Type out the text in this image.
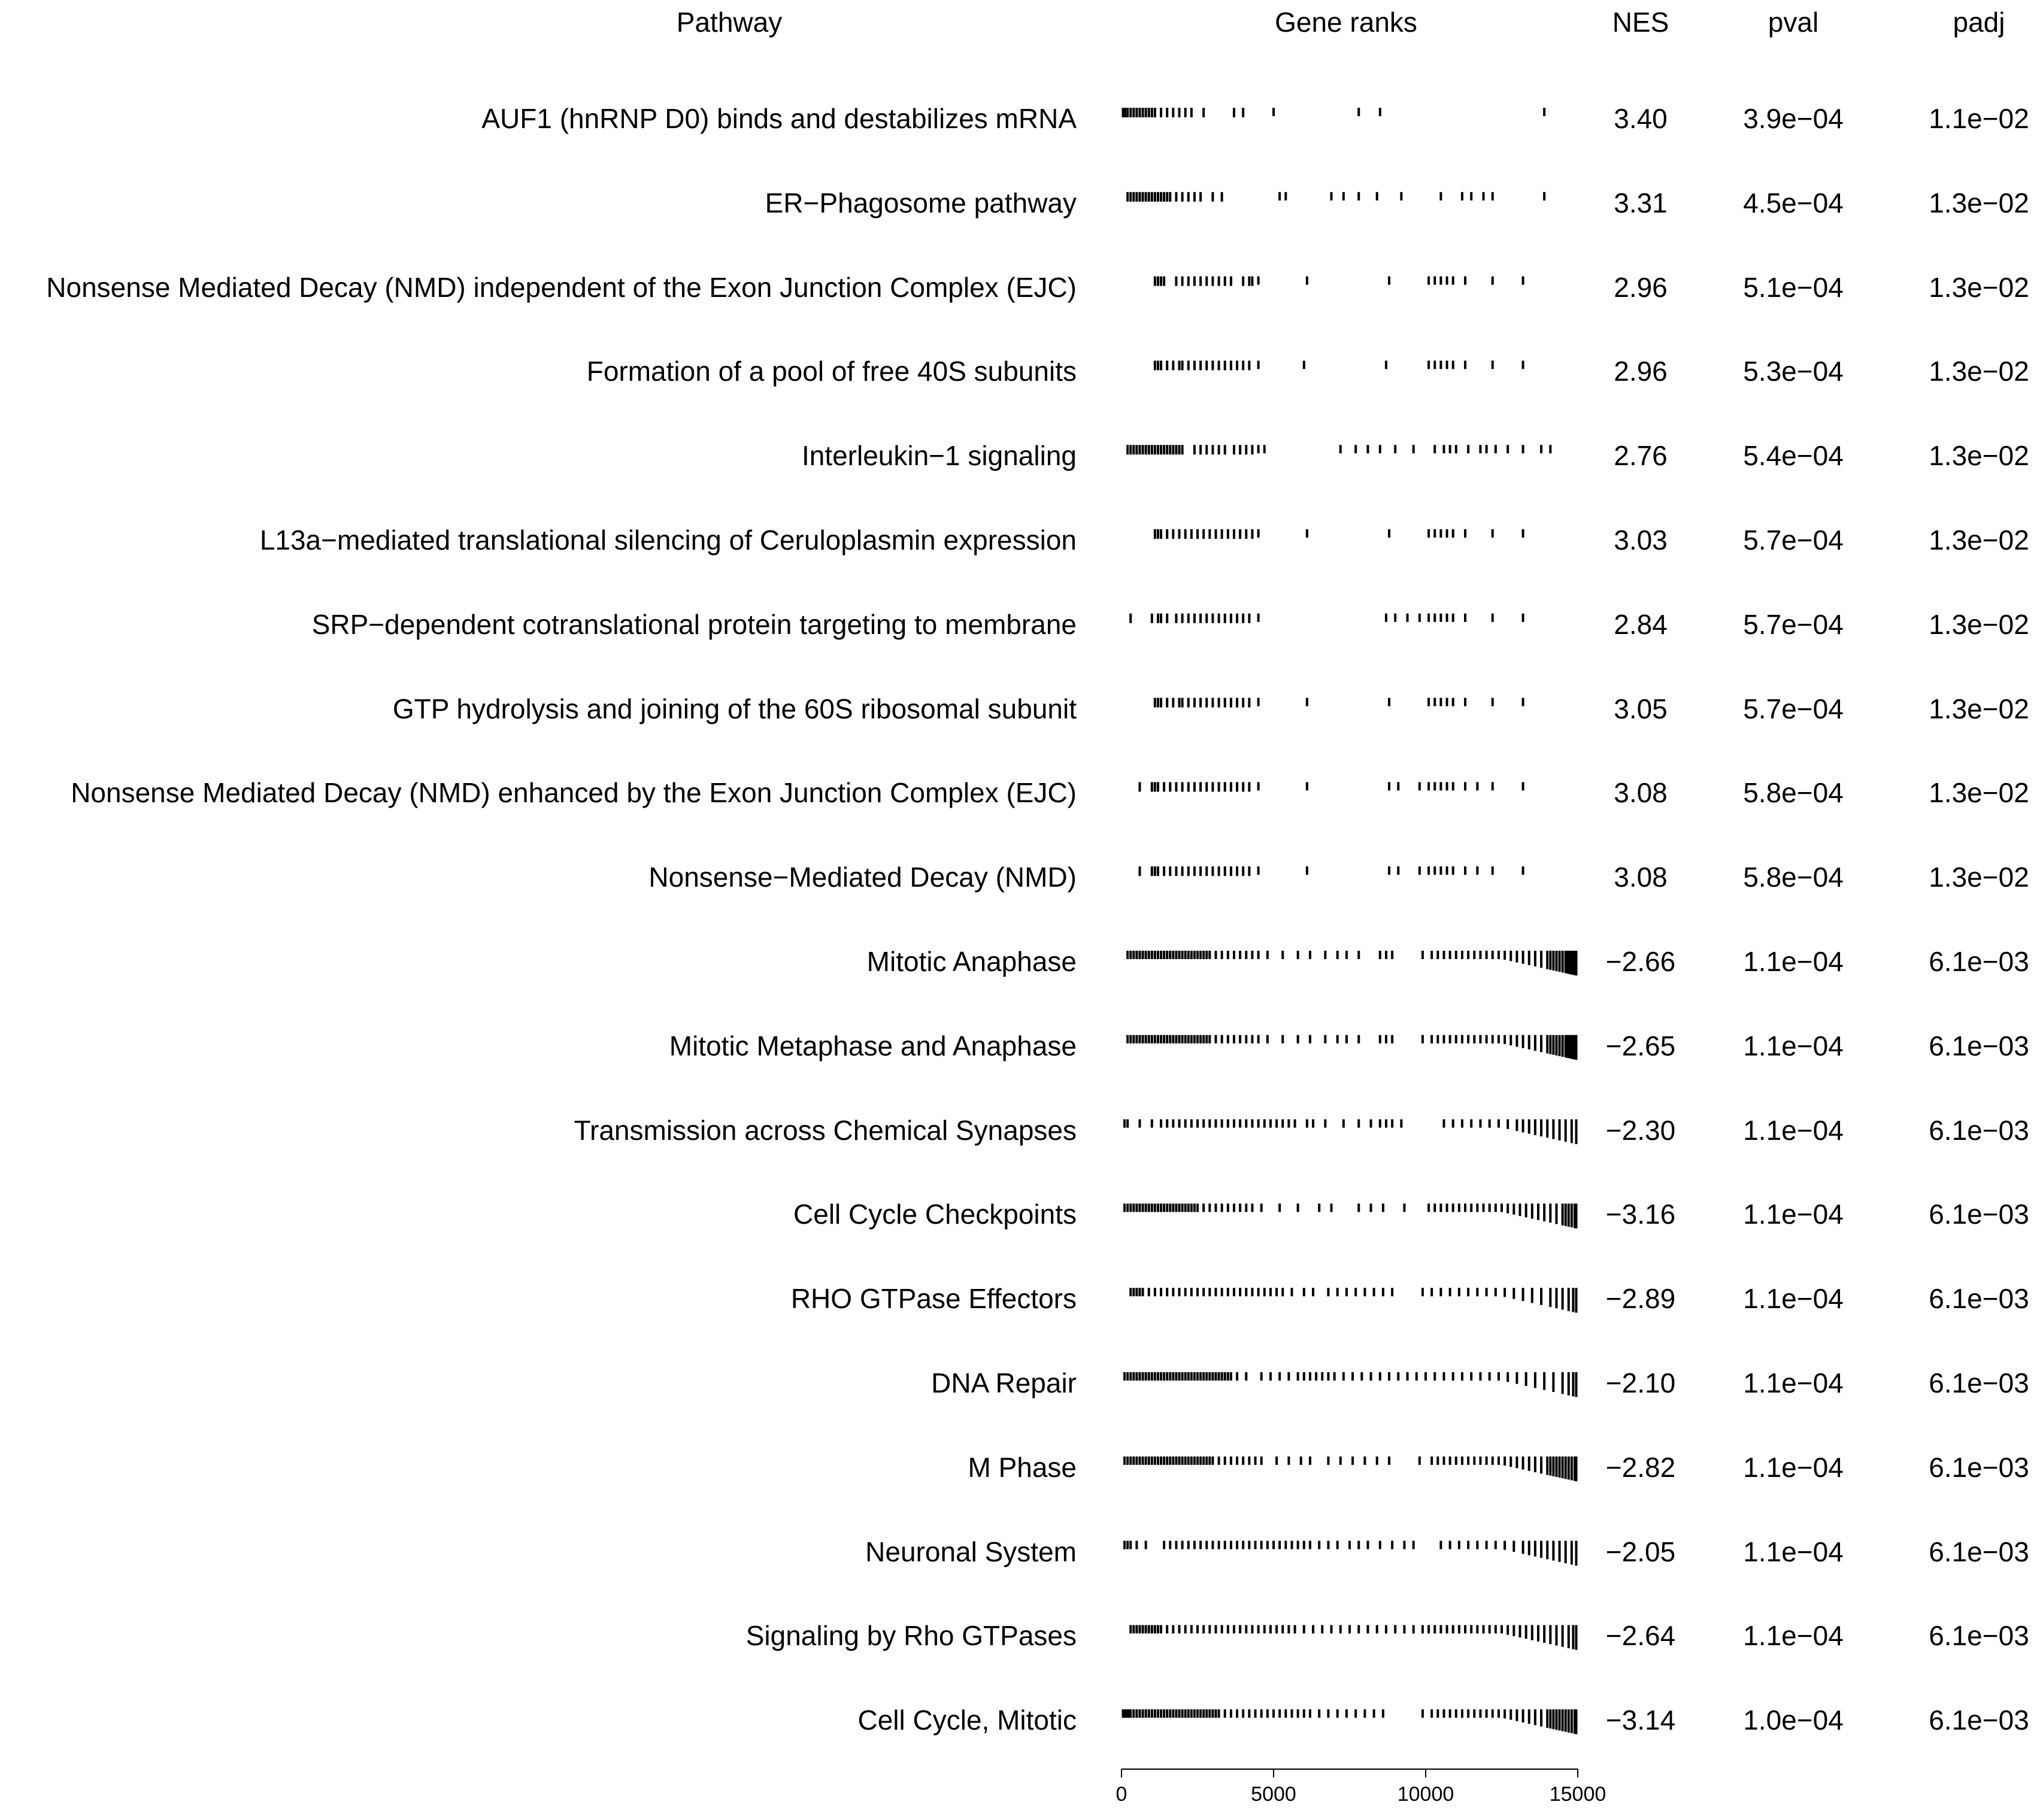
Pathway	Gene ranks	NES	pval	padj
AUF1 (hnRNP D0) binds and destabilizes mRNA	3.40	3.9e−04	1.1e−02
ER−Phagosome pathway	3.31	4.5e−04	1.3e−02
Nonsense Mediated Decay (NMD) independent of the Exon Junction Complex (EJC)	2.96	5.1e−04	1.3e−02
Formation of a pool of free 40S subunits	2.96	5.3e−04	1.3e−02
Interleukin−1 signaling	2.76	5.4e−04	1.3e−02
L13a−mediated translational silencing of Ceruloplasmin expression	3.03	5.7e−04	1.3e−02
SRP−dependent cotranslational protein targeting to membrane	2.84	5.7e−04	1.3e−02
GTP hydrolysis and joining of the 60S ribosomal subunit	3.05	5.7e−04	1.3e−02
Nonsense Mediated Decay (NMD) enhanced by the Exon Junction Complex (EJC)	3.08	5.8e−04	1.3e−02
Nonsense−Mediated Decay (NMD)	3.08	5.8e−04	1.3e−02
Mitotic Anaphase	−2.66 1.1e−04	6.1e−03
Mitotic Metaphase and Anaphase	−2.65 1.1e−04	6.1e−03
Transmission across Chemical Synapses	−2.30 1.1e−04	6.1e−03
Cell Cycle Checkpoints	−3.16 1.1e−04	6.1e−03
RHO GTPase Effectors	−2.89 1.1e−04	6.1e−03
DNA Repair	−2.10 1.1e−04	6.1e−03
M Phase	−2.82 1.1e−04	6.1e−03
Neuronal System	−2.05 1.1e−04	6.1e−03
Signaling by Rho GTPases	−2.64 1.1e−04	6.1e−03
Cell Cycle, Mitotic	−3.14 1.0e−04	6.1e−03
0	5000	10000	15000
